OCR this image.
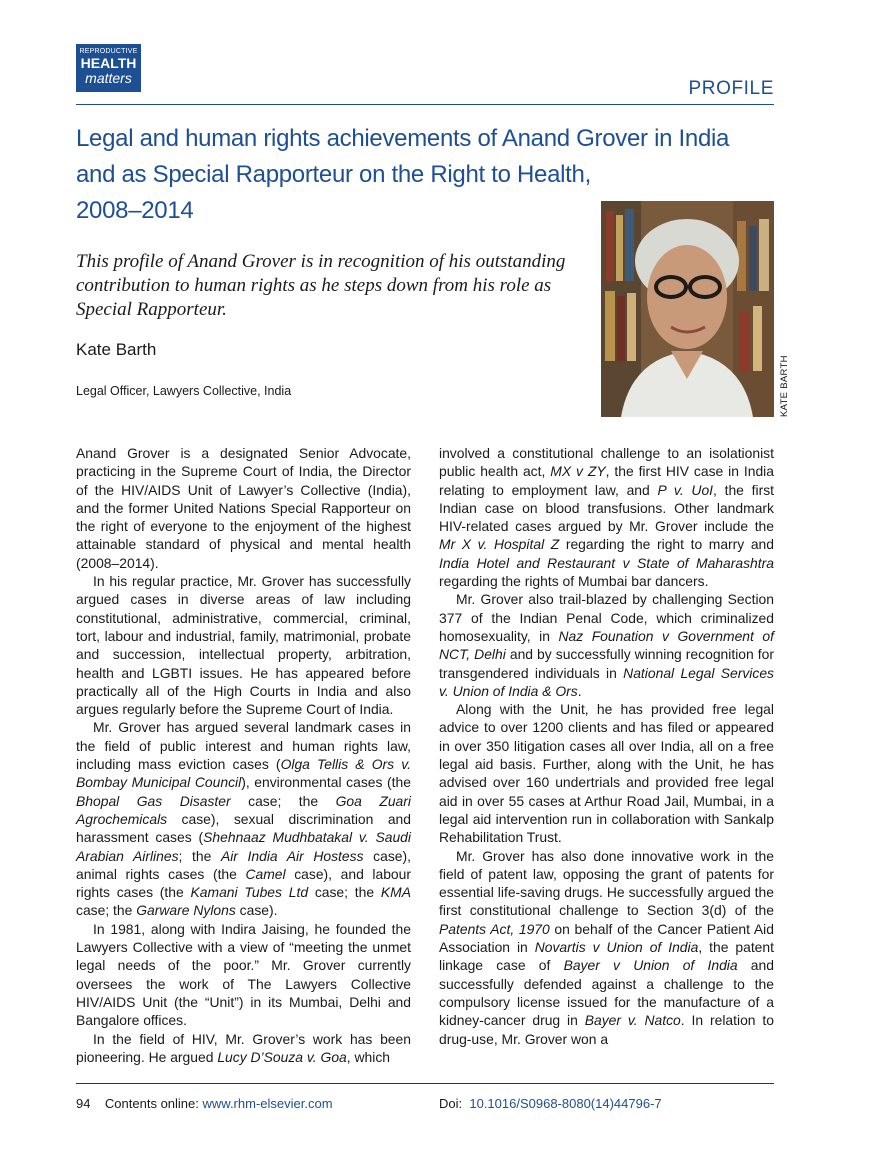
REPRODUCTIVE
HEALTH
matters	PROFILE
Legal and human rights achievements of Anand Grover in India
and as Special Rapporteur on the Right to Health,
2008–2014

This profile of Anand Grover is in recognition of his outstanding contribution to human rights as he steps down from his role as Special Rapporteur.

Kate Barth
Legal Officer, Lawyers Collective, India	KATE BARTH

Anand Grover is a designated Senior Advocate, practicing in the Supreme Court of India, the Director of the HIV/AIDS Unit of Lawyer’s Collective (India), and the former United Nations Special Rapporteur on the right of everyone to the enjoyment of the highest attainable standard of physical and mental health (2008–2014).

In his regular practice, Mr. Grover has successfully argued cases in diverse areas of law including constitutional, administrative, commercial, criminal, tort, labour and industrial, family, matrimonial, probate and succession, intellectual property, arbitration, health and LGBTI issues. He has appeared before practically all of the High Courts in India and also argues regularly before the Supreme Court of India.

Mr. Grover has argued several landmark cases in the field of public interest and human rights law, including mass eviction cases (Olga Tellis & Ors v. Bombay Municipal Council), environmental cases (the Bhopal Gas Disaster case; the Goa Zuari Agrochemicals case), sexual discrimination and harassment cases (Shehnaaz Mudhbatakal v. Saudi Arabian Airlines; the Air India Air Hostess case), animal rights cases (the Camel case), and labour rights cases (the Kamani Tubes Ltd case; the KMA case; the Garware Nylons case).

In 1981, along with Indira Jaising, he founded the Lawyers Collective with a view of “meeting the unmet legal needs of the poor.” Mr. Grover currently oversees the work of The Lawyers Collective HIV/AIDS Unit (the “Unit”) in its Mumbai, Delhi and Bangalore offices.

In the field of HIV, Mr. Grover’s work has been pioneering. He argued Lucy D’Souza v. Goa, which

involved a constitutional challenge to an isolationist public health act, MX v ZY, the first HIV case in India relating to employment law, and P v. UoI, the first Indian case on blood transfusions. Other landmark HIV-related cases argued by Mr. Grover include the Mr X v. Hospital Z regarding the right to marry and India Hotel and Restaurant v State of Maharashtra regarding the rights of Mumbai bar dancers.

Mr. Grover also trail-blazed by challenging Section 377 of the Indian Penal Code, which criminalized homosexuality, in Naz Founation v Government of NCT, Delhi and by successfully winning recognition for transgendered individuals in National Legal Services v. Union of India & Ors.

Along with the Unit, he has provided free legal advice to over 1200 clients and has filed or appeared in over 350 litigation cases all over India, all on a free legal aid basis. Further, along with the Unit, he has advised over 160 undertrials and provided free legal aid in over 55 cases at Arthur Road Jail, Mumbai, in a legal aid intervention run in collaboration with Sankalp Rehabilitation Trust.

Mr. Grover has also done innovative work in the field of patent law, opposing the grant of patents for essential life-saving drugs. He successfully argued the first constitutional challenge to Section 3(d) of the Patents Act, 1970 on behalf of the Cancer Patient Aid Association in Novartis v Union of India, the patent linkage case of Bayer v Union of India and successfully defended against a challenge to the compulsory license issued for the manufacture of a kidney-cancer drug in Bayer v. Natco. In relation to drug-use, Mr. Grover won a

94 Contents online: www.rhm-elsevier.com	Doi: 10.1016/S0968-8080(14)44796-7
